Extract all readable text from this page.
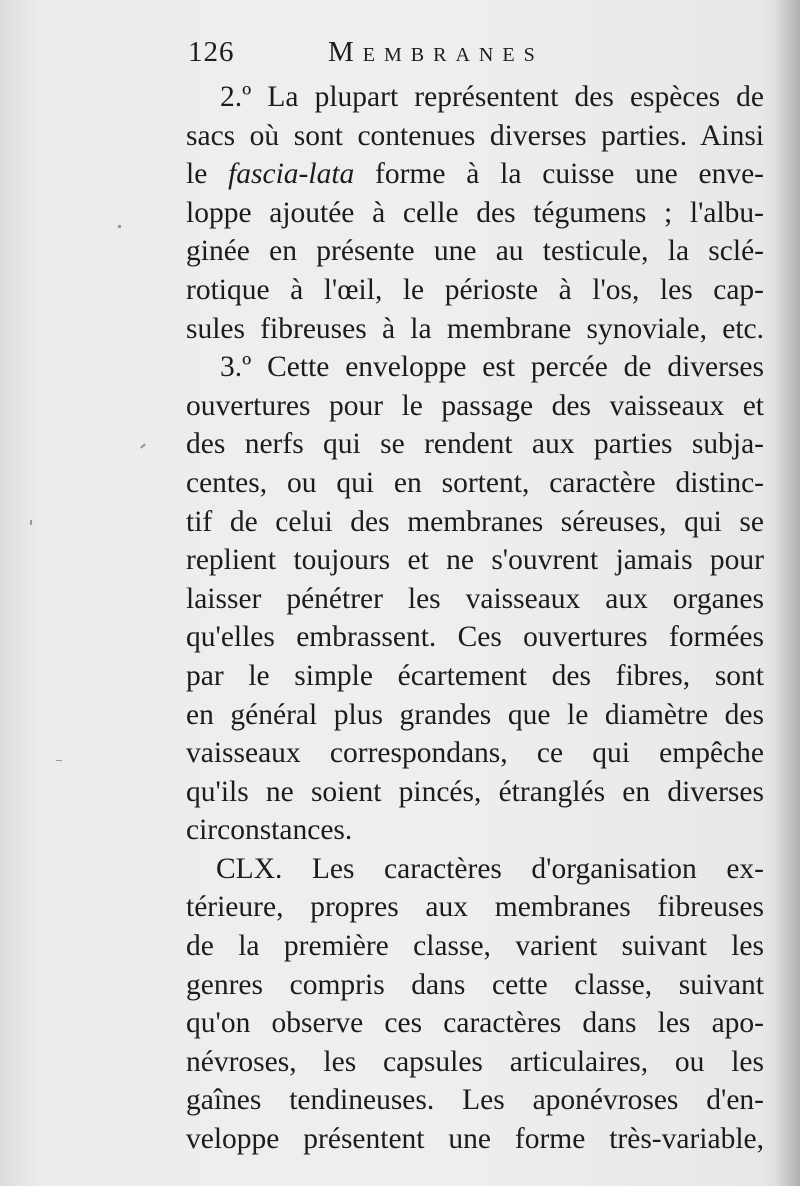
126	Membranes
2.º La plupart représentent des espèces de
sacs où sont contenues diverses parties. Ainsi
le fascia-lata forme à la cuisse une enve-
loppe ajoutée à celle des tégumens ; l'albu-
ginée en présente une au testicule, la sclé-
rotique à l'œil, le périoste à l'os, les cap-
sules fibreuses à la membrane synoviale, etc.
3.º Cette enveloppe est percée de diverses
ouvertures pour le passage des vaisseaux et
des nerfs qui se rendent aux parties subja-
centes, ou qui en sortent, caractère distinc-
tif de celui des membranes séreuses, qui se
replient toujours et ne s'ouvrent jamais pour
laisser pénétrer les vaisseaux aux organes
qu'elles embrassent. Ces ouvertures formées
par le simple écartement des fibres, sont
en général plus grandes que le diamètre des
vaisseaux correspondans, ce qui empêche
qu'ils ne soient pincés, étranglés en diverses
circonstances.
CLX. Les caractères d'organisation ex-
térieure, propres aux membranes fibreuses
de la première classe, varient suivant les
genres compris dans cette classe, suivant
qu'on observe ces caractères dans les apo-
névroses, les capsules articulaires, ou les
gaînes tendineuses. Les aponévroses d'en-
veloppe présentent une forme très-variable,
